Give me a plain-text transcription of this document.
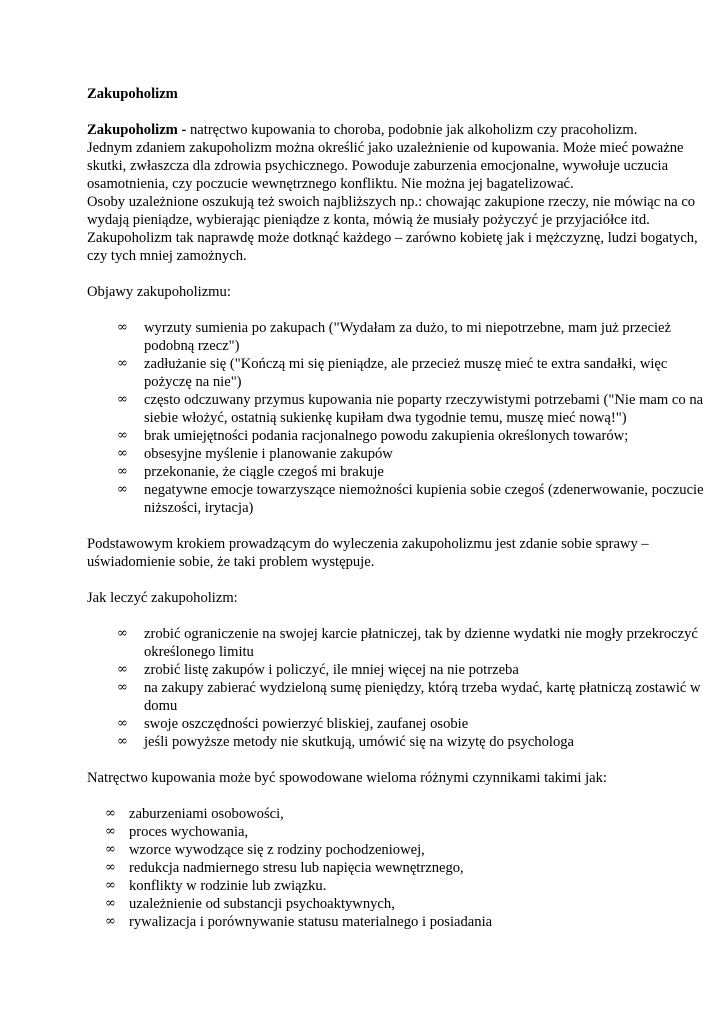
Zakupoholizm

Zakupoholizm - natręctwo kupowania to choroba, podobnie jak alkoholizm czy pracoholizm.

Jednym zdaniem zakupoholizm można określić jako uzależnienie od kupowania. Może mieć poważne skutki, zwłaszcza dla zdrowia psychicznego. Powoduje zaburzenia emocjonalne, wywołuje uczucia osamotnienia, czy poczucie wewnętrznego konfliktu. Nie można jej bagatelizować.

Osoby uzależnione oszukują też swoich najbliższych np.: chowając zakupione rzeczy, nie mówiąc na co wydają pieniądze, wybierając pieniądze z konta, mówią że musiały pożyczyć je przyjaciółce itd.

Zakupoholizm tak naprawdę może dotknąć każdego – zarówno kobietę jak i mężczyznę, ludzi bogatych, czy tych mniej zamożnych.

Objawy zakupoholizmu:

∞ wyrzuty sumienia po zakupach ("Wydałam za dużo, to mi niepotrzebne, mam już przecież podobną rzecz")
∞ zadłużanie się ("Kończą mi się pieniądze, ale przecież muszę mieć te extra sandałki, więc pożyczę na nie")
∞ często odczuwany przymus kupowania nie poparty rzeczywistymi potrzebami ("Nie mam co na siebie włożyć, ostatnią sukienkę kupiłam dwa tygodnie temu, muszę mieć nową!")
∞ brak umiejętności podania racjonalnego powodu zakupienia określonych towarów;
∞ obsesyjne myślenie i planowanie zakupów
∞ przekonanie, że ciągle czegoś mi brakuje
∞ negatywne emocje towarzyszące niemożności kupienia sobie czegoś (zdenerwowanie, poczucie niższości, irytacja)

Podstawowym krokiem prowadzącym do wyleczenia zakupoholizmu jest zdanie sobie sprawy – uświadomienie sobie, że taki problem występuje.

Jak leczyć zakupoholizm:

∞ zrobić ograniczenie na swojej karcie płatniczej, tak by dzienne wydatki nie mogły przekroczyć określonego limitu
∞ zrobić listę zakupów i policzyć, ile mniej więcej na nie potrzeba
∞ na zakupy zabierać wydzieloną sumę pieniędzy, którą trzeba wydać, kartę płatniczą zostawić w domu
∞ swoje oszczędności powierzyć bliskiej, zaufanej osobie
∞ jeśli powyższe metody nie skutkują, umówić się na wizytę do psychologa

Natręctwo kupowania może być spowodowane wieloma różnymi czynnikami takimi jak:

∞ zaburzeniami osobowości,
∞ proces wychowania,
∞ wzorce wywodzące się z rodziny pochodzeniowej,
∞ redukcja nadmiernego stresu lub napięcia wewnętrznego,
∞ konflikty w rodzinie lub związku.
∞ uzależnienie od substancji psychoaktywnych,
∞ rywalizacja i porównywanie statusu materialnego i posiadania
